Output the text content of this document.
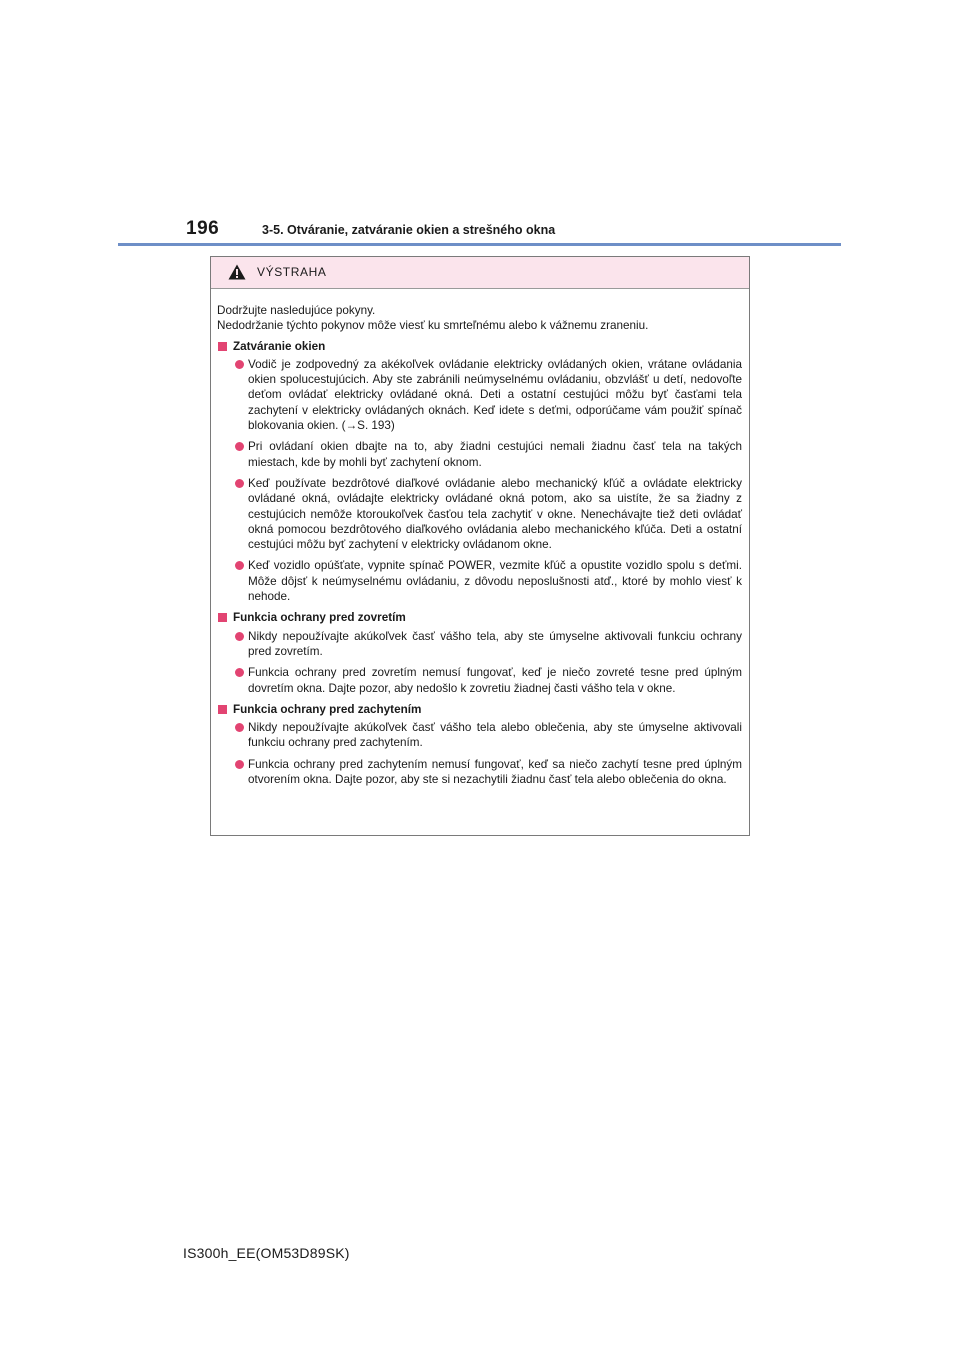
196	3-5. Otváranie, zatváranie okien a strešného okna
VÝSTRAHA

Dodržujte nasledujúce pokyny.

Nedodržanie týchto pokynov môže viesť ku smrteľnému alebo k vážnemu zraneniu.

Zatváranie okien
Vodič je zodpovedný za akékoľvek ovládanie elektricky ovládaných okien, vrátane ovládania okien spolucestujúcich. Aby ste zabránili neúmyselnému ovládaniu, obzvlášť u detí, nedovoľte deťom ovládať elektricky ovládané okná. Deti a ostatní cestujúci môžu byť časťami tela zachytení v elektricky ovládaných oknách. Keď idete s deťmi, odporúčame vám použiť spínač blokovania okien. (→S. 193)
Pri ovládaní okien dbajte na to, aby žiadni cestujúci nemali žiadnu časť tela na takých miestach, kde by mohli byť zachytení oknom.
Keď používate bezdrôtové diaľkové ovládanie alebo mechanický kľúč a ovládate elektricky ovládané okná, ovládajte elektricky ovládané okná potom, ako sa uistíte, že sa žiadny z cestujúcich nemôže ktoroukoľvek časťou tela zachytiť v okne. Nenechávajte tiež deti ovládať okná pomocou bezdrôtového diaľkového ovládania alebo mechanického kľúča. Deti a ostatní cestujúci môžu byť zachytení v elektricky ovládanom okne.
Keď vozidlo opúšťate, vypnite spínač POWER, vezmite kľúč a opustite vozidlo spolu s deťmi. Môže dôjsť k neúmyselnému ovládaniu, z dôvodu neposlušnosti atď., ktoré by mohlo viesť k nehode.
Funkcia ochrany pred zovretím
Nikdy nepoužívajte akúkoľvek časť vášho tela, aby ste úmyselne aktivovali funkciu ochrany pred zovretím.
Funkcia ochrany pred zovretím nemusí fungovať, keď je niečo zovreté tesne pred úplným dovretím okna. Dajte pozor, aby nedošlo k zovretiu žiadnej časti vášho tela v okne.
Funkcia ochrany pred zachytením
Nikdy nepoužívajte akúkoľvek časť vášho tela alebo oblečenia, aby ste úmyselne aktivovali funkciu ochrany pred zachytením.
Funkcia ochrany pred zachytením nemusí fungovať, keď sa niečo zachytí tesne pred úplným otvorením okna. Dajte pozor, aby ste si nezachytili žiadnu časť tela alebo oblečenia do okna.
IS300h_EE(OM53D89SK)
